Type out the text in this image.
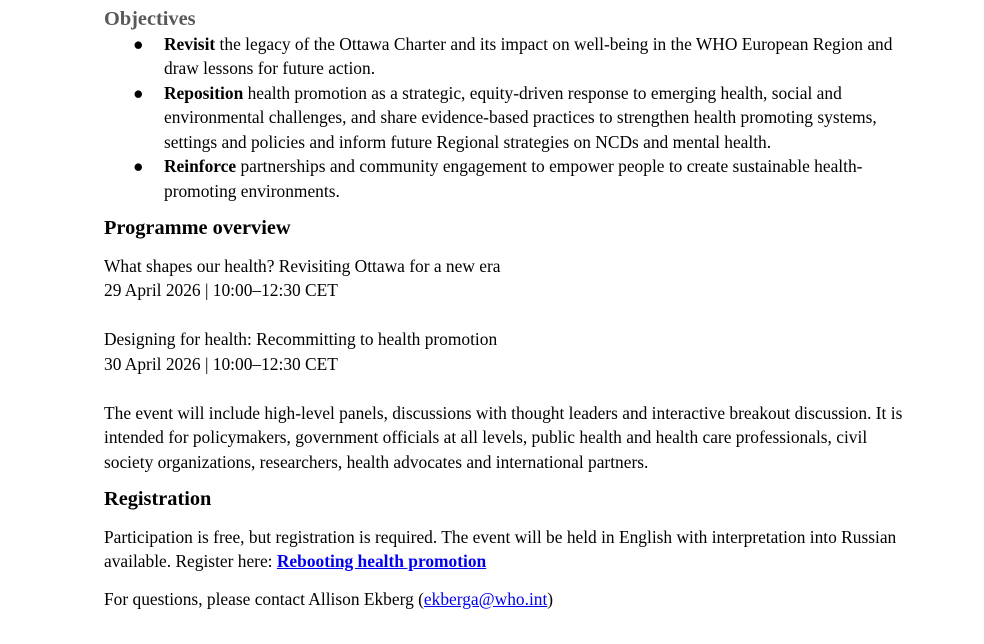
Objectives
● Revisit the legacy of the Ottawa Charter and its impact on well-being in the WHO European Region and draw lessons for future action.
● Reposition health promotion as a strategic, equity-driven response to emerging health, social and environmental challenges, and share evidence-based practices to strengthen health promoting systems, settings and policies and inform future Regional strategies on NCDs and mental health.
● Reinforce partnerships and community engagement to empower people to create sustainable health-promoting environments.
Programme overview

What shapes our health? Revisiting Ottawa for a new era

29 April 2026 | 10:00–12:30 CET

Designing for health: Recommitting to health promotion

30 April 2026 | 10:00–12:30 CET

The event will include high-level panels, discussions with thought leaders and interactive breakout discussion. It is intended for policymakers, government officials at all levels, public health and health care professionals, civil society organizations, researchers, health advocates and international partners.

Registration

Participation is free, but registration is required. The event will be held in English with interpretation into Russian available. Register here: Rebooting health promotion

For questions, please contact Allison Ekberg (ekberga@who.int)
